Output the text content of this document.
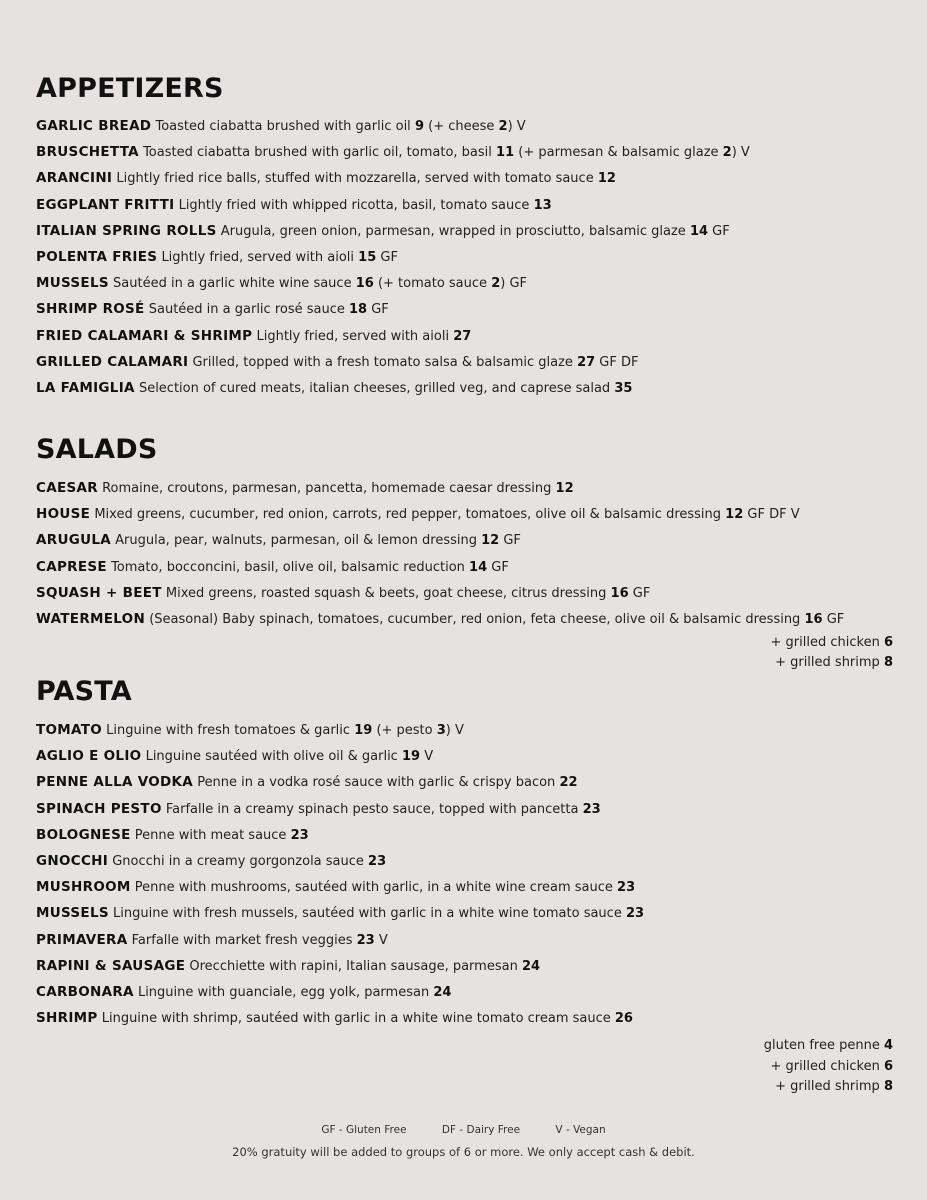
APPETIZERS
GARLIC BREAD Toasted ciabatta brushed with garlic oil 9 (+ cheese 2) V
BRUSCHETTA Toasted ciabatta brushed with garlic oil, tomato, basil 11 (+ parmesan & balsamic glaze 2) V
ARANCINI Lightly fried rice balls, stuffed with mozzarella, served with tomato sauce 12
EGGPLANT FRITTI Lightly fried with whipped ricotta, basil, tomato sauce 13
ITALIAN SPRING ROLLS Arugula, green onion, parmesan, wrapped in prosciutto, balsamic glaze 14 GF
POLENTA FRIES Lightly fried, served with aioli 15 GF
MUSSELS Sautéed in a garlic white wine sauce 16 (+ tomato sauce 2) GF
SHRIMP ROSÉ Sautéed in a garlic rosé sauce 18 GF
FRIED CALAMARI & SHRIMP Lightly fried, served with aioli 27
GRILLED CALAMARI Grilled, topped with a fresh tomato salsa & balsamic glaze 27 GF DF
LA FAMIGLIA Selection of cured meats, italian cheeses, grilled veg, and caprese salad 35
SALADS
CAESAR Romaine, croutons, parmesan, pancetta, homemade caesar dressing 12
HOUSE Mixed greens, cucumber, red onion, carrots, red pepper, tomatoes, olive oil & balsamic dressing 12 GF DF V
ARUGULA Arugula, pear, walnuts, parmesan, oil & lemon dressing 12 GF
CAPRESE Tomato, bocconcini, basil, olive oil, balsamic reduction 14 GF
SQUASH + BEET Mixed greens, roasted squash & beets, goat cheese, citrus dressing 16 GF
WATERMELON (Seasonal) Baby spinach, tomatoes, cucumber, red onion, feta cheese, olive oil & balsamic dressing 16 GF
+ grilled chicken 6
+ grilled shrimp 8
PASTA
TOMATO Linguine with fresh tomatoes & garlic 19 (+ pesto 3) V
AGLIO E OLIO Linguine sautéed with olive oil & garlic 19 V
PENNE ALLA VODKA Penne in a vodka rosé sauce with garlic & crispy bacon 22
SPINACH PESTO Farfalle in a creamy spinach pesto sauce, topped with pancetta 23
BOLOGNESE Penne with meat sauce 23
GNOCCHI Gnocchi in a creamy gorgonzola sauce 23
MUSHROOM Penne with mushrooms, sautéed with garlic, in a white wine cream sauce 23
MUSSELS Linguine with fresh mussels, sautéed with garlic in a white wine tomato sauce 23
PRIMAVERA Farfalle with market fresh veggies 23 V
RAPINI & SAUSAGE Orecchiette with rapini, Italian sausage, parmesan 24
CARBONARA Linguine with guanciale, egg yolk, parmesan 24
SHRIMP Linguine with shrimp, sautéed with garlic in a white wine tomato cream sauce 26
gluten free penne 4
+ grilled chicken 6
+ grilled shrimp 8
GF - Gluten Free	DF - Dairy Free	V - Vegan
20% gratuity will be added to groups of 6 or more. We only accept cash & debit.
